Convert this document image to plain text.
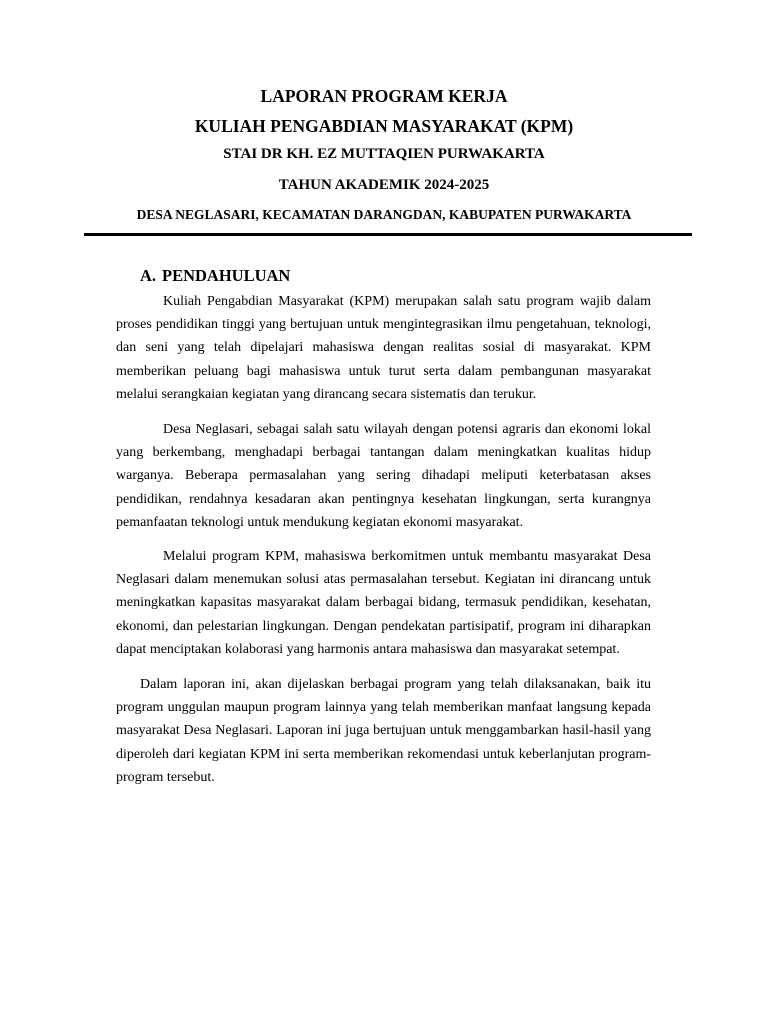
LAPORAN PROGRAM KERJA
KULIAH PENGABDIAN MASYARAKAT (KPM)
STAI DR KH. EZ MUTTAQIEN PURWAKARTA
TAHUN AKADEMIK 2024-2025
DESA NEGLASARI, KECAMATAN DARANGDAN, KABUPATEN PURWAKARTA
A. PENDAHULUAN

Kuliah Pengabdian Masyarakat (KPM) merupakan salah satu program wajib dalam proses pendidikan tinggi yang bertujuan untuk mengintegrasikan ilmu pengetahuan, teknologi, dan seni yang telah dipelajari mahasiswa dengan realitas sosial di masyarakat. KPM memberikan peluang bagi mahasiswa untuk turut serta dalam pembangunan masyarakat melalui serangkaian kegiatan yang dirancang secara sistematis dan terukur.

Desa Neglasari, sebagai salah satu wilayah dengan potensi agraris dan ekonomi lokal yang berkembang, menghadapi berbagai tantangan dalam meningkatkan kualitas hidup warganya. Beberapa permasalahan yang sering dihadapi meliputi keterbatasan akses pendidikan, rendahnya kesadaran akan pentingnya kesehatan lingkungan, serta kurangnya pemanfaatan teknologi untuk mendukung kegiatan ekonomi masyarakat.

Melalui program KPM, mahasiswa berkomitmen untuk membantu masyarakat Desa Neglasari dalam menemukan solusi atas permasalahan tersebut. Kegiatan ini dirancang untuk meningkatkan kapasitas masyarakat dalam berbagai bidang, termasuk pendidikan, kesehatan, ekonomi, dan pelestarian lingkungan. Dengan pendekatan partisipatif, program ini diharapkan dapat menciptakan kolaborasi yang harmonis antara mahasiswa dan masyarakat setempat.

Dalam laporan ini, akan dijelaskan berbagai program yang telah dilaksanakan, baik itu program unggulan maupun program lainnya yang telah memberikan manfaat langsung kepada masyarakat Desa Neglasari. Laporan ini juga bertujuan untuk menggambarkan hasil-hasil yang diperoleh dari kegiatan KPM ini serta memberikan rekomendasi untuk keberlanjutan program-program tersebut.
